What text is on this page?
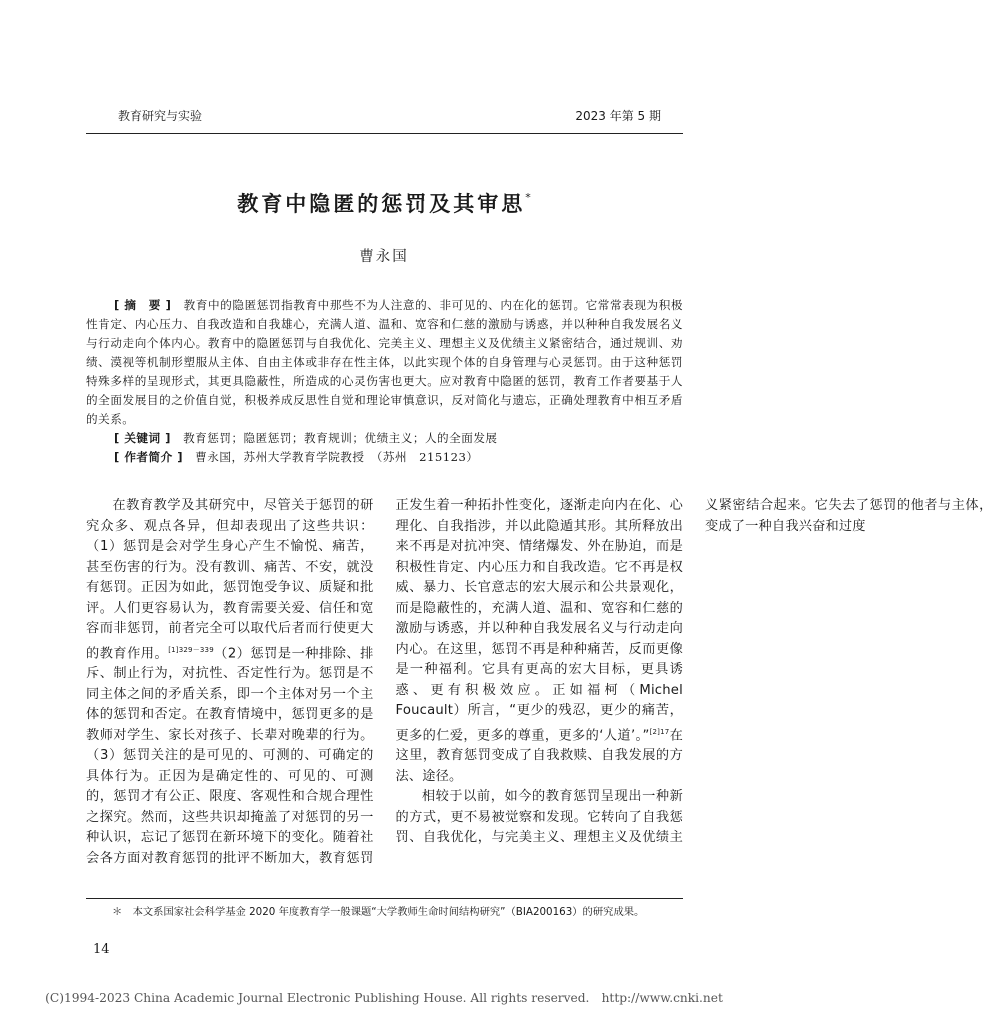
教育研究与实验	2023 年第 5 期
教育中隐匿的惩罚及其审思*
曹永国

[ 摘　要 ]　 教育中的隐匿惩罚指教育中那些不为人注意的、非可见的、内在化的惩罚。它常常表现为积极性肯定、内心压力、自我改造和自我雄心，充满人道、温和、宽容和仁慈的激励与诱惑，并以种种自我发展名义与行动走向个体内心。教育中的隐匿惩罚与自我优化、完美主义、理想主义及优绩主义紧密结合，通过规训、劝绩、漠视等机制形塑服从主体、自由主体或非存在性主体，以此实现个体的自身管理与心灵惩罚。由于这种惩罚特殊多样的呈现形式，其更具隐蔽性，所造成的心灵伤害也更大。应对教育中隐匿的惩罚，教育工作者要基于人的全面发展目的之价值自觉，积极养成反思性自觉和理论审慎意识，反对简化与遗忘，正确处理教育中相互矛盾的关系。

[ 关键词 ]　 教育惩罚；隐匿惩罚；教育规训；优绩主义；人的全面发展

[ 作者简介 ]　 曹永国，苏州大学教育学院教授　（苏州　215123）

在教育教学及其研究中，尽管关于惩罚的研究众多、观点各异，但却表现出了这些共识：（1）惩罚是会对学生身心产生不愉悦、痛苦，甚至伤害的行为。没有教训、痛苦、不安，就没有惩罚。正因为如此，惩罚饱受争议、质疑和批评。人们更容易认为，教育需要关爱、信任和宽容而非惩罚，前者完全可以取代后者而行使更大的教育作用。$^{[1]329-339}$（2）惩罚是一种排除、排斥、制止行为，对抗性、否定性行为。惩罚是不同主体之间的矛盾关系，即一个主体对另一个主体的惩罚和否定。在教育情境中，惩罚更多的是教师对学生、家长对孩子、长辈对晚辈的行为。（3）惩罚关注的是可见的、可测的、可确定的具体行为。正因为是确定性的、可见的、可测的，惩罚才有公正、限度、客观性和合规合理性之探究。然而，这些共识却掩盖了对惩罚的另一种认识，忘记了惩罚在新环境下的变化。随着社会各方面对教育惩罚的批评不断加大，教育惩罚正发生着一种拓扑性变化，逐渐走向内在化、心理化、自我指涉，并以此隐遁其形。其所释放出来不再是对抗冲突、情绪爆发、外在胁迫，而是积极性肯定、内心压力和自我改造。它不再是权威、暴力、长官意志的宏大展示和公共景观化，而是隐蔽性的，充满人道、温和、宽容和仁慈的激励与诱惑，并以种种自我发展名义与行动走向内心。在这里，惩罚不再是种种痛苦，反而更像是一种福利。它具有更高的宏大目标，更具诱惑、更有积极效应。正如福柯（Michel Foucault）所言，“更少的残忍，更少的痛苦，更多的仁爱，更多的尊重，更多的‘人道’。”$^{[2]17}$在这里，教育惩罚变成了自我救赎、自我发展的方法、途径。

相较于以前，如今的教育惩罚呈现出一种新的方式，更不易被觉察和发现。它转向了自我惩罚、自我优化，与完美主义、理想主义及优绩主义紧密结合起来。它失去了惩罚的他者与主体，变成了一种自我兴奋和过度

＊　本文系国家社会科学基金 2020 年度教育学一般课题“大学教师生命时间结构研究”（BIA200163）的研究成果。
14
(C)1994-2023 China Academic Journal Electronic Publishing House. All rights reserved.　http://www.cnki.net
